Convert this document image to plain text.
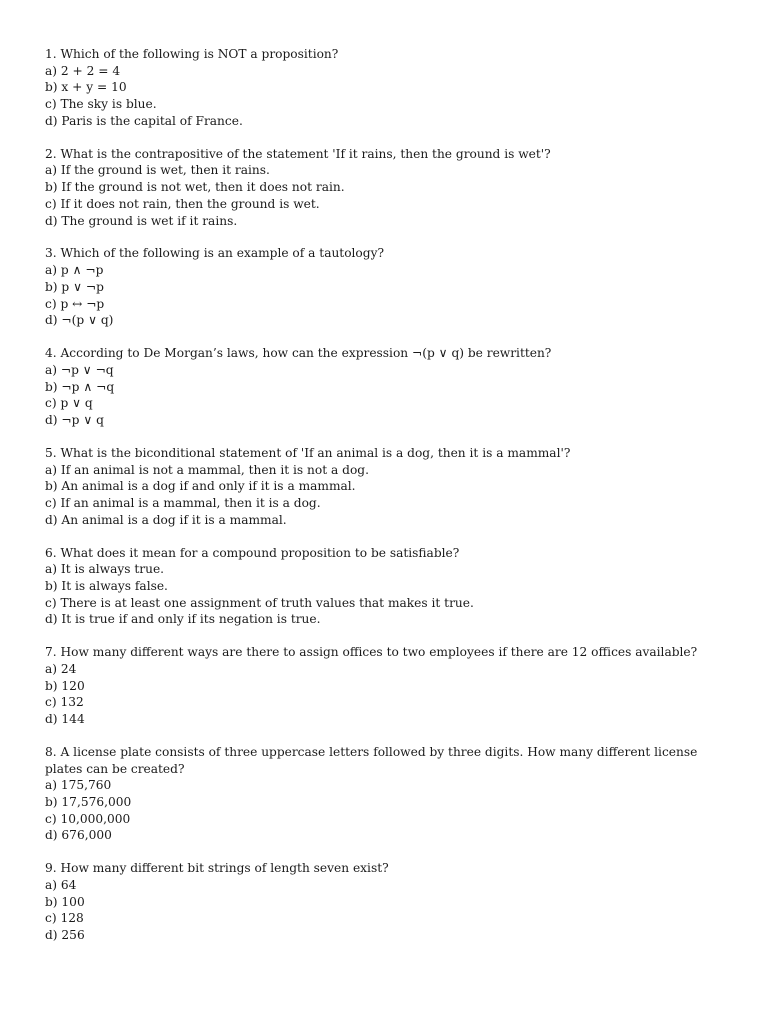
1. Which of the following is NOT a proposition?
a) 2 + 2 = 4
b) x + y = 10
c) The sky is blue.
d) Paris is the capital of France.
2. What is the contrapositive of the statement 'If it rains, then the ground is wet'?
a) If the ground is wet, then it rains.
b) If the ground is not wet, then it does not rain.
c) If it does not rain, then the ground is wet.
d) The ground is wet if it rains.
3. Which of the following is an example of a tautology?
a) p ∧ ¬p
b) p ∨ ¬p
c) p ↔ ¬p
d) ¬(p ∨ q)
4. According to De Morgan’s laws, how can the expression ¬(p ∨ q) be rewritten?
a) ¬p ∨ ¬q
b) ¬p ∧ ¬q
c) p ∨ q
d) ¬p ∨ q
5. What is the biconditional statement of 'If an animal is a dog, then it is a mammal'?
a) If an animal is not a mammal, then it is not a dog.
b) An animal is a dog if and only if it is a mammal.
c) If an animal is a mammal, then it is a dog.
d) An animal is a dog if it is a mammal.
6. What does it mean for a compound proposition to be satisfiable?
a) It is always true.
b) It is always false.
c) There is at least one assignment of truth values that makes it true.
d) It is true if and only if its negation is true.
7. How many different ways are there to assign offices to two employees if there are 12 offices available?
a) 24
b) 120
c) 132
d) 144
8. A license plate consists of three uppercase letters followed by three digits. How many different license plates can be created?
a) 175,760
b) 17,576,000
c) 10,000,000
d) 676,000
9. How many different bit strings of length seven exist?
a) 64
b) 100
c) 128
d) 256
